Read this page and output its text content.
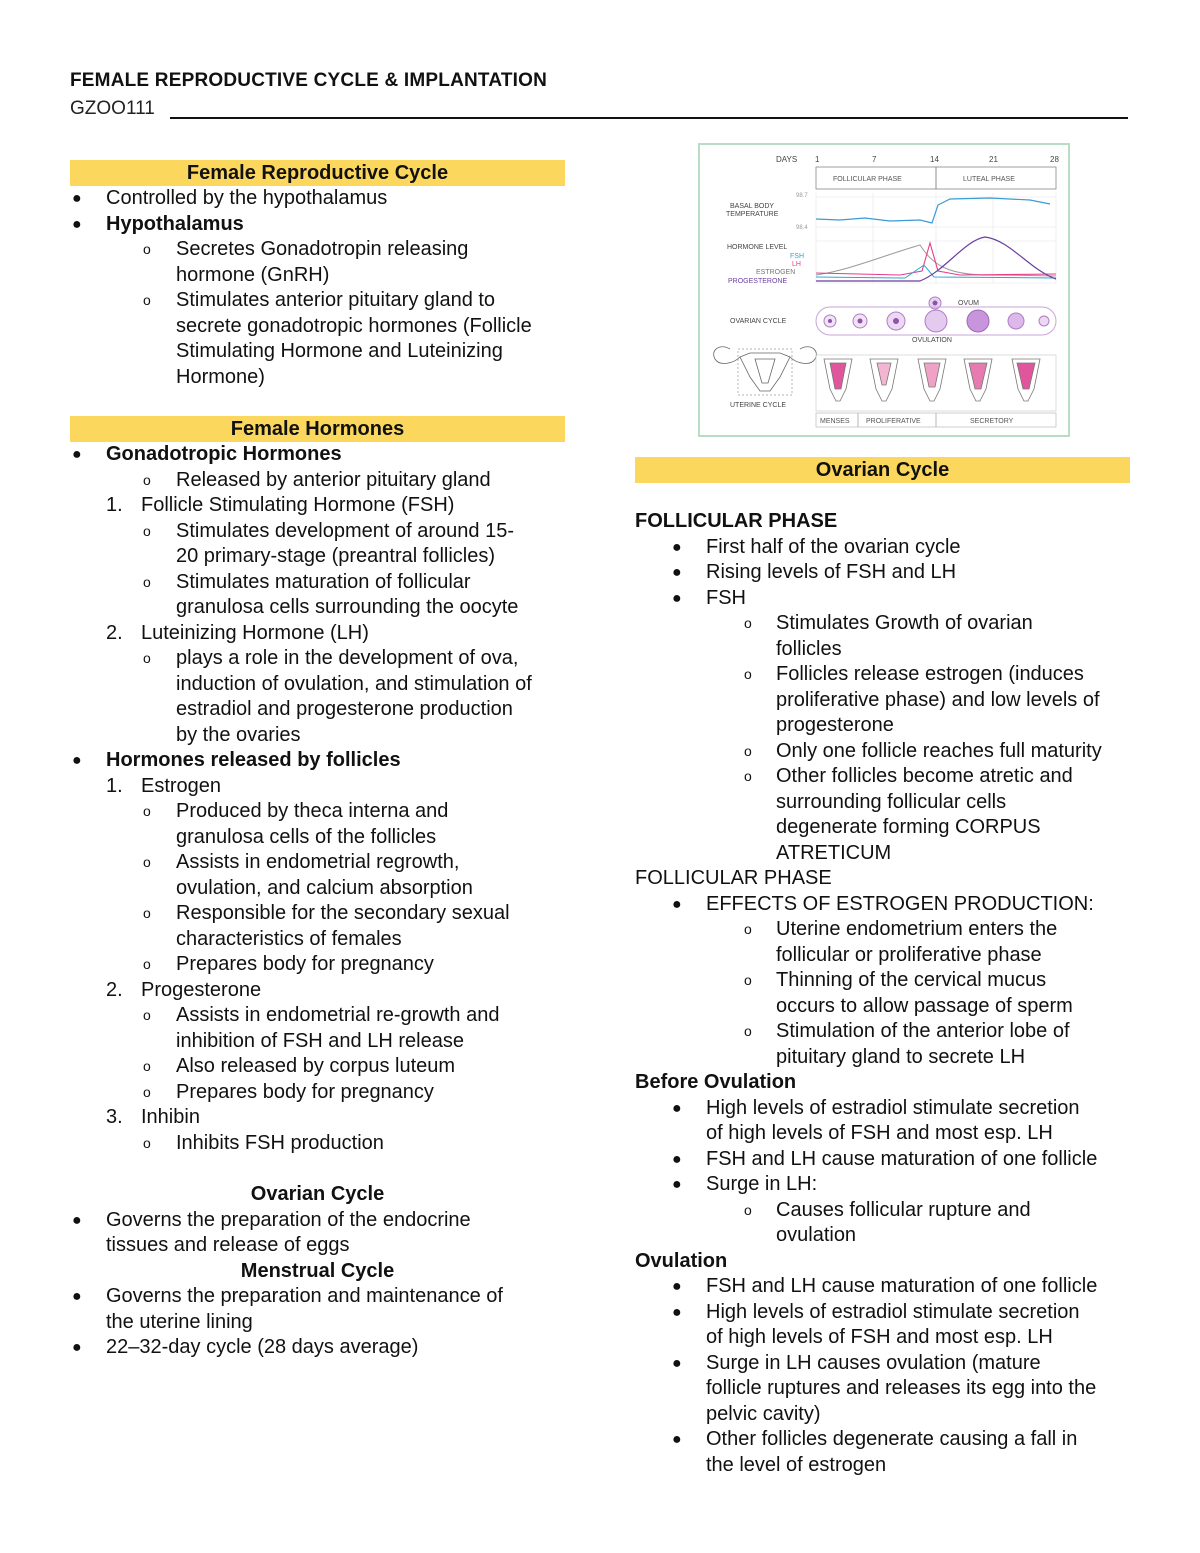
FEMALE REPRODUCTIVE CYCLE & IMPLANTATION
GZOO111
Female Reproductive Cycle
● Controlled by the hypothalamus
● Hypothalamus
o Secretes Gonadotropin releasing
hormone (GnRH)
o Stimulates anterior pituitary gland to
secrete gonadotropic hormones (Follicle
Stimulating Hormone and Luteinizing
Hormone)
Female Hormones
● Gonadotropic Hormones
o Released by anterior pituitary gland
1. Follicle Stimulating Hormone (FSH)
o Stimulates development of around 15-
20 primary-stage (preantral follicles)
o Stimulates maturation of follicular
granulosa cells surrounding the oocyte
2. Luteinizing Hormone (LH)
o plays a role in the development of ova,
induction of ovulation, and stimulation of
estradiol and progesterone production
by the ovaries
● Hormones released by follicles
1. Estrogen
o Produced by theca interna and
granulosa cells of the follicles
o Assists in endometrial regrowth,
ovulation, and calcium absorption
o Responsible for the secondary sexual
characteristics of females
o Prepares body for pregnancy
2. Progesterone
o Assists in endometrial re-growth and
inhibition of FSH and LH release
o Also released by corpus luteum
o Prepares body for pregnancy
3. Inhibin
o Inhibits FSH production
Ovarian Cycle
● Governs the preparation of the endocrine
tissues and release of eggs
Menstrual Cycle
● Governs the preparation and maintenance of
the uterine lining
● 22–32-day cycle (28 days average)
DAYS 1	7	14	21	28
FOLLICULAR PHASE	LUTEAL PHASE
98.7
BASAL BODY
TEMPERATURE
98.4
HORMONE LEVEL
FSH
LH
ESTROGEN
PROGESTERONE
OVUM
OVARIAN CYCLE
OVULATION
UTERINE CYCLE
MENSES PROLIFERATIVE	SECRETORY
Ovarian Cycle
FOLLICULAR PHASE
● First half of the ovarian cycle
● Rising levels of FSH and LH
● FSH
o Stimulates Growth of ovarian
follicles
o Follicles release estrogen (induces
proliferative phase) and low levels of
progesterone
o Only one follicle reaches full maturity
o Other follicles become atretic and
surrounding follicular cells
degenerate forming CORPUS
ATRETICUM
FOLLICULAR PHASE
● EFFECTS OF ESTROGEN PRODUCTION:
o Uterine endometrium enters the
follicular or proliferative phase
o Thinning of the cervical mucus
occurs to allow passage of sperm
o Stimulation of the anterior lobe of
pituitary gland to secrete LH
Before Ovulation
● High levels of estradiol stimulate secretion
of high levels of FSH and most esp. LH
● FSH and LH cause maturation of one follicle
● Surge in LH:
o Causes follicular rupture and
ovulation
Ovulation
● FSH and LH cause maturation of one follicle
● High levels of estradiol stimulate secretion
of high levels of FSH and most esp. LH
● Surge in LH causes ovulation (mature
follicle ruptures and releases its egg into the
pelvic cavity)
● Other follicles degenerate causing a fall in
the level of estrogen
